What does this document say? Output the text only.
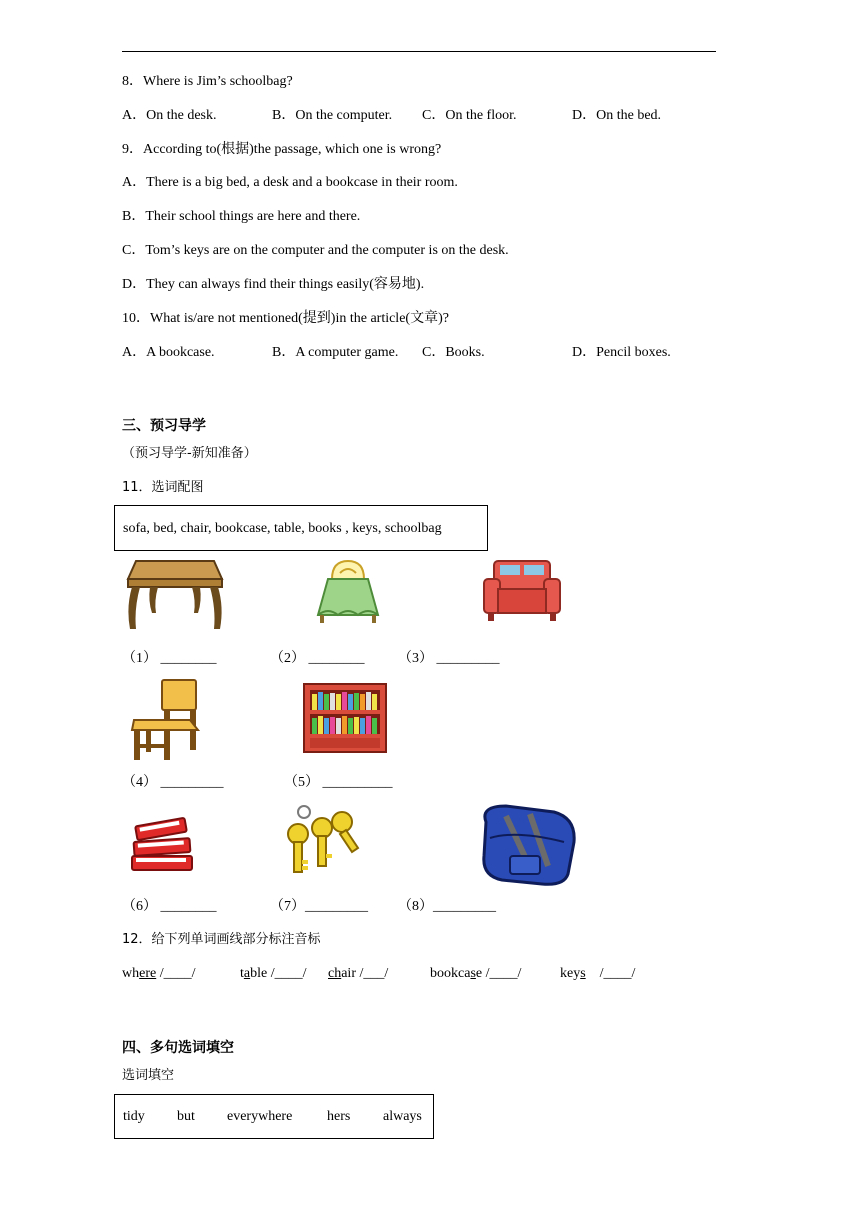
8．Where is Jim’s schoolbag?
A．On the desk.	B．On the computer. C．On the floor.	D．On the bed.
9．According to(根据)the passage, which one is wrong?
A．There is a big bed, a desk and a bookcase in their room.
B．Their school things are here and there.
C．Tom’s keys are on the computer and the computer is on the desk.
D．They can always find their things easily(容易地).
10．What is/are not mentioned(提到)in the article(文章)?
A．A bookcase.	B．A computer game. C．Books.	D．Pencil boxes.
三、预习导学
（预习导学-新知准备）
11．选词配图
sofa, bed, chair, bookcase, table, books , keys, schoolbag
（1） ________	（2） ________ （3） _________
（4） _________	（5） __________
（6） ________	（7）_________ （8）_________
12．给下列单词画线部分标注音标
where /____/	table /____/ chair /___/	bookcase /____/	keys    /____/
四、多句选词填空
选词填空
tidy but everywhere hers always
